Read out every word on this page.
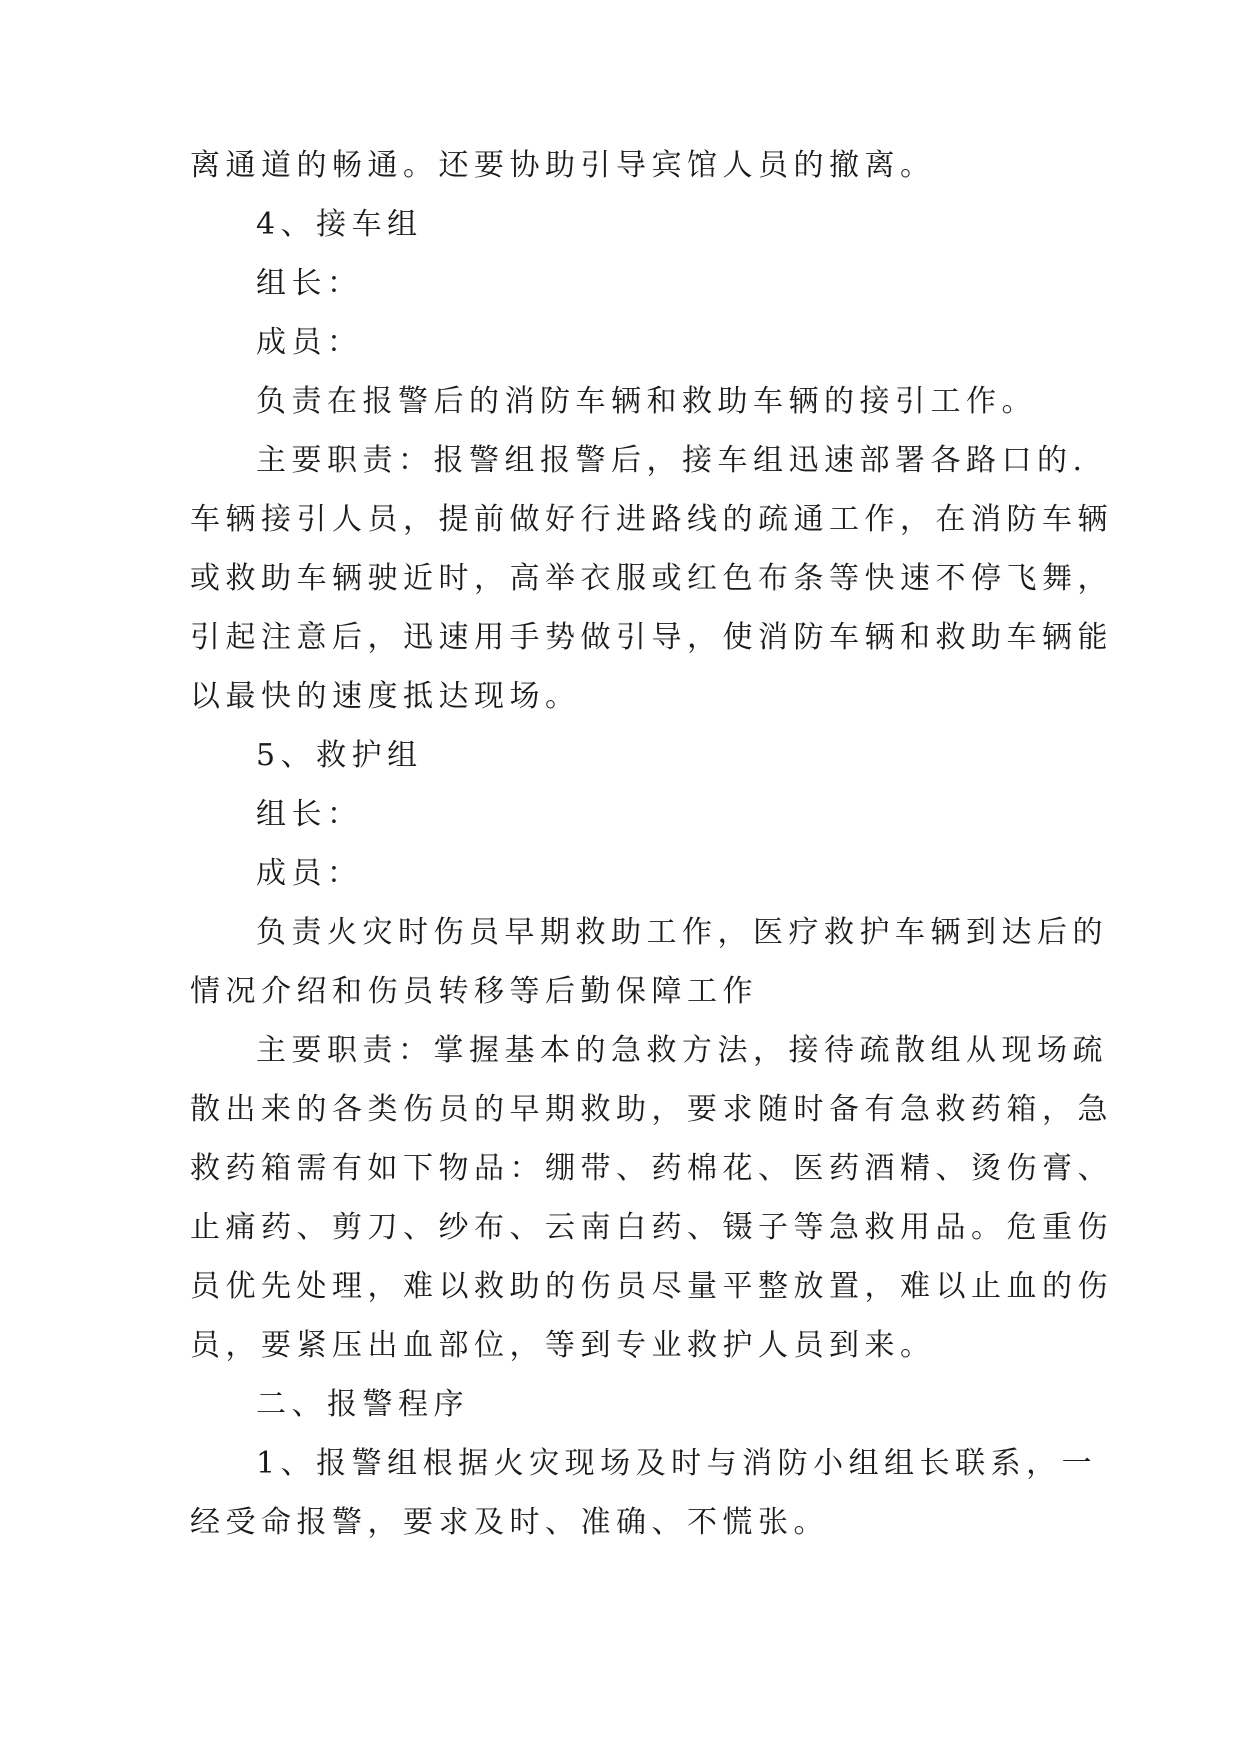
离通道的畅通。还要协助引导宾馆人员的撤离。
4、接车组
组长：
成员：
负责在报警后的消防车辆和救助车辆的接引工作。
主要职责：报警组报警后，接车组迅速部署各路口的.
车辆接引人员，提前做好行进路线的疏通工作，在消防车辆
或救助车辆驶近时，高举衣服或红色布条等快速不停飞舞，
引起注意后，迅速用手势做引导，使消防车辆和救助车辆能
以最快的速度抵达现场。
5、救护组
组长：
成员：
负责火灾时伤员早期救助工作，医疗救护车辆到达后的
情况介绍和伤员转移等后勤保障工作
主要职责：掌握基本的急救方法，接待疏散组从现场疏
散出来的各类伤员的早期救助，要求随时备有急救药箱，急
救药箱需有如下物品：绷带、药棉花、医药酒精、烫伤膏、
止痛药、剪刀、纱布、云南白药、镊子等急救用品。危重伤
员优先处理，难以救助的伤员尽量平整放置，难以止血的伤
员，要紧压出血部位，等到专业救护人员到来。
二、报警程序
1、报警组根据火灾现场及时与消防小组组长联系，一
经受命报警，要求及时、准确、不慌张。
